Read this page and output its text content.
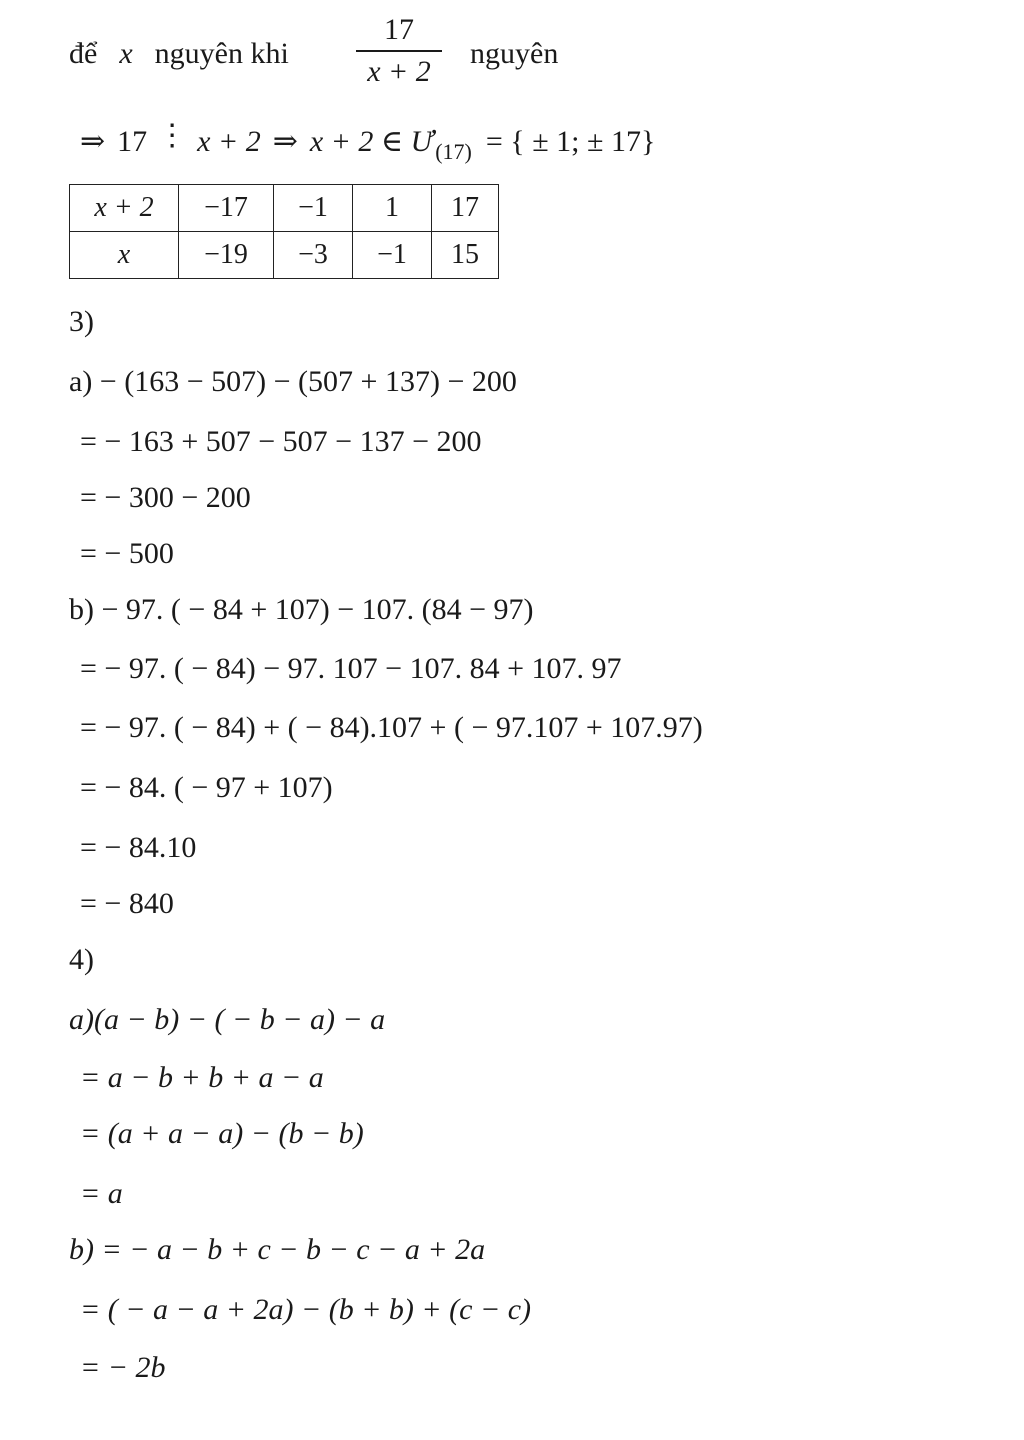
để x nguyên khi
17
x + 2
nguyên
⇒ 17 ⋮ x + 2 ⇒ x + 2 ∈ Ư (17) = { ± 1; ± 17}
x + 2	−17	−1	1	17
x	−19	−3	−1	15
3)
a) − (163 − 507) − (507 + 137) − 200
= − 163 + 507 − 507 − 137 − 200
= − 300 − 200
= − 500
b) − 97. ( − 84 + 107) − 107. (84 − 97)
= − 97. ( − 84) − 97. 107 − 107. 84 + 107. 97
= − 97. ( − 84) + ( − 84).107 + ( − 97.107 + 107.97)
= − 84. ( − 97 + 107)
= − 84.10
= − 840
4)
a)(a − b) − ( − b − a) − a
= a − b + b + a − a
= (a + a − a) − (b − b)
= a
b) = − a − b + c − b − c − a + 2a
= ( − a − a + 2a) − (b + b) + (c − c)
= − 2b
